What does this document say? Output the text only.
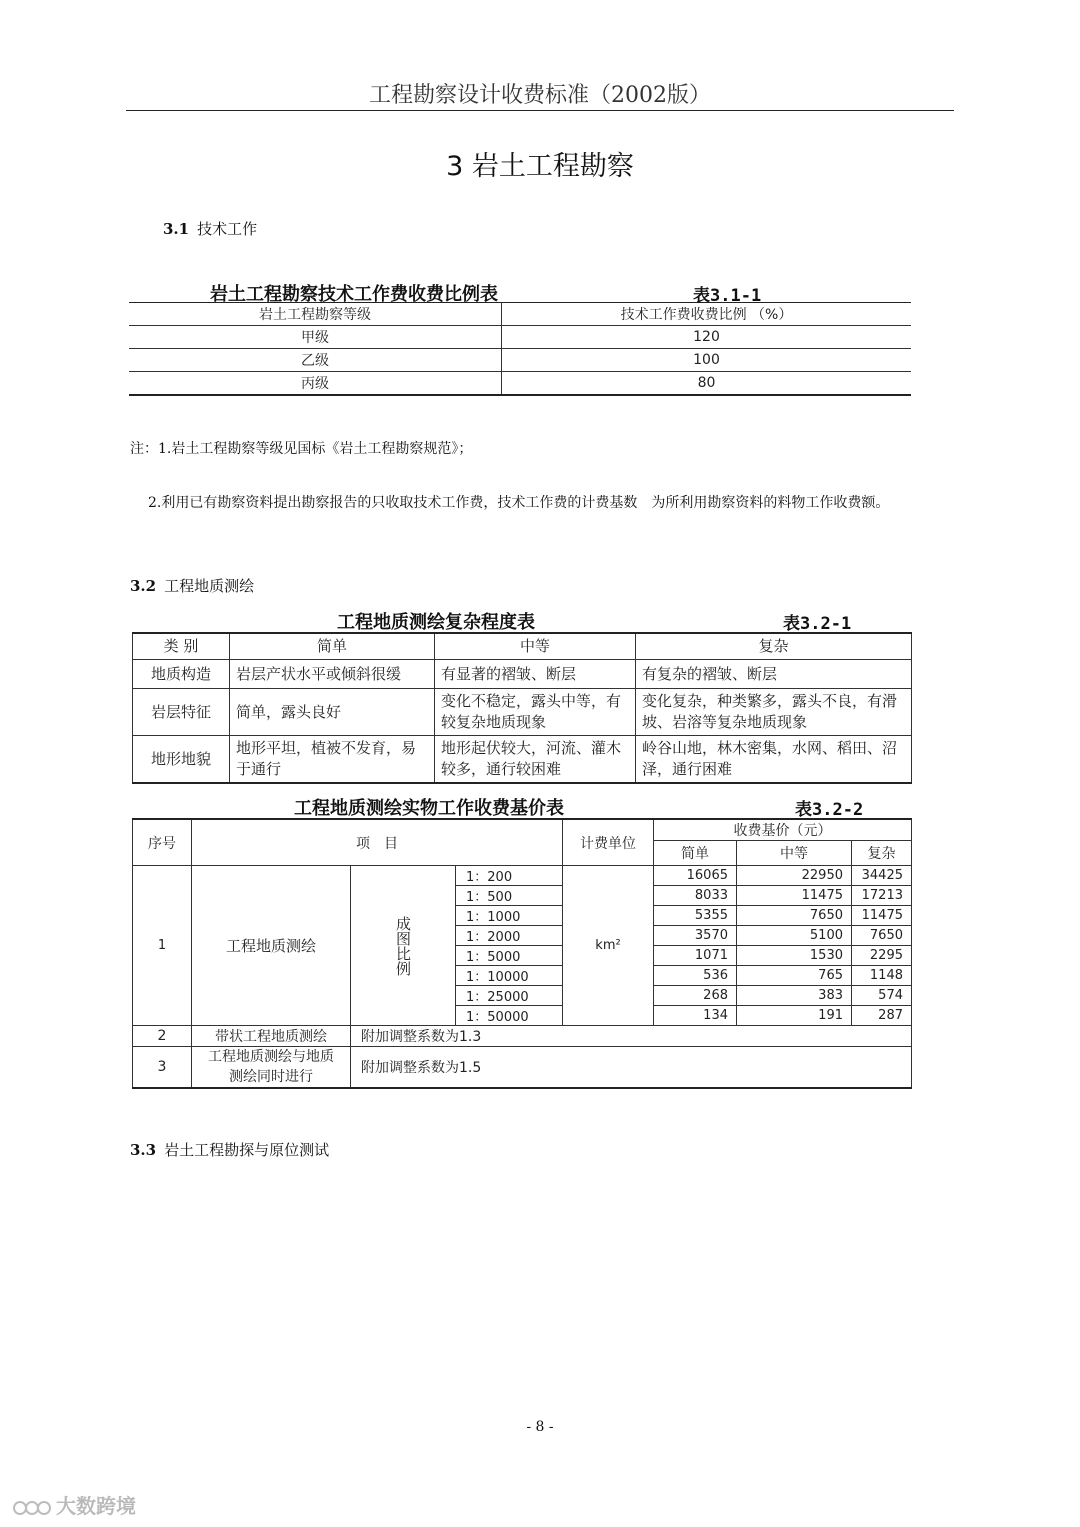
工程勘察设计收费标准（2002版）
3 岩土工程勘察
3.1 技术工作
岩土工程勘察技术工作费收费比例表	表3.1-1
岩土工程勘察等级	技术工作费收费比例 （%）
甲级	120
乙级	100
丙级	80
注：1.岩土工程勘察等级见国标《岩土工程勘察规范》；
2.利用已有勘察资料提出勘察报告的只收取技术工作费，技术工作费的计费基数　为所利用勘察资料的料物工作收费额。
3.2 工程地质测绘
工程地质测绘复杂程度表	表3.2-1
类 别	简单	中等	复杂
地质构造	岩层产状水平或倾斜很缓	有显著的褶皱、断层	有复杂的褶皱、断层
岩层特征	简单，露头良好	变化不稳定，露头中等，有较复杂地质现象	变化复杂，种类繁多，露头不良，有滑坡、岩溶等复杂地质现象
地形地貌	地形平坦，植被不发育，易于通行	地形起伏较大，河流、灌木较多，通行较困难	岭谷山地，林木密集，水网、稻田、沼泽，通行困难
工程地质测绘实物工作收费基价表	表3.2-2
序号	项　目			计费单位	收费基价（元）		
					简单	中等	复杂
1	工程地质测绘	成图比例	1：200	km²	16065	22950	34425
			1：500		8033	11475	17213
			1：1000		5355	7650	11475
			1：2000		3570	5100	7650
			1：5000		1071	1530	2295
			1：10000		536	765	1148
			1：25000		268	383	574
			1：50000		134	191	287
2	带状工程地质测绘	附加调整系数为1.3					
3	工程地质测绘与地质测绘同时进行	附加调整系数为1.5					
3.3 岩土工程勘探与原位测试
- 8 -
大数跨境
